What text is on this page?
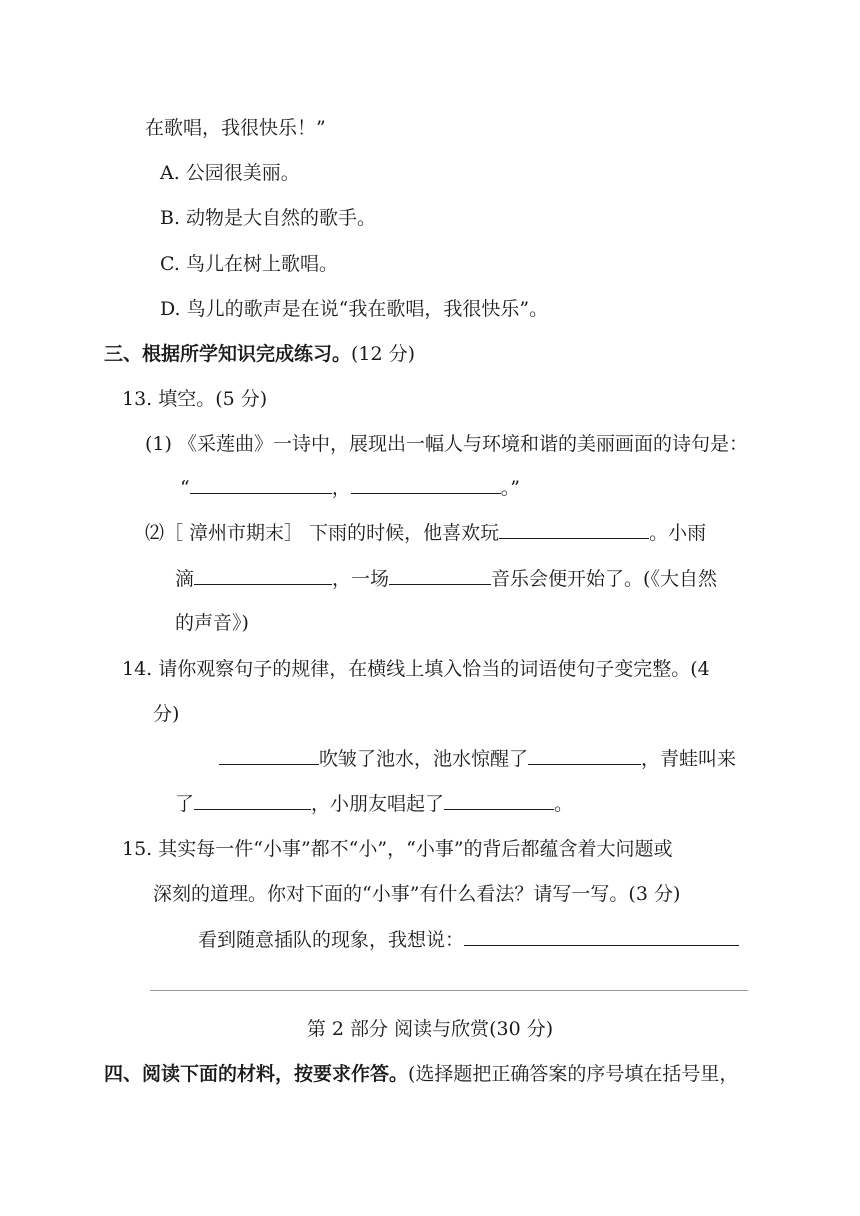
在歌唱，我很快乐！”
A. 公园很美丽。
B. 动物是大自然的歌手。
C. 鸟儿在树上歌唱。
D. 鸟儿的歌声是在说“我在歌唱，我很快乐”。
三、根据所学知识完成练习。(12 分)
13. 填空。(5 分)
(1) 《采莲曲》一诗中，展现出一幅人与环境和谐的美丽画面的诗句是：
“	，	。”
⑵［ 漳州市期末］ 下雨的时候，他喜欢玩	。小雨
滴	，一场	音乐会便开始了。(《大自然
的声音》)
14. 请你观察句子的规律，在横线上填入恰当的词语使句子变完整。(4
分)
吹皱了池水，池水惊醒了	，青蛙叫来
了	，小朋友唱起了	。
15. 其实每一件“小事”都不“小”，“小事”的背后都蕴含着大问题或
深刻的道理。你对下面的“小事”有什么看法？请写一写。(3 分)
看到随意插队的现象，我想说：
第 2 部分 阅读与欣赏(30 分)
四、阅读下面的材料，按要求作答。(选择题把正确答案的序号填在括号里，
